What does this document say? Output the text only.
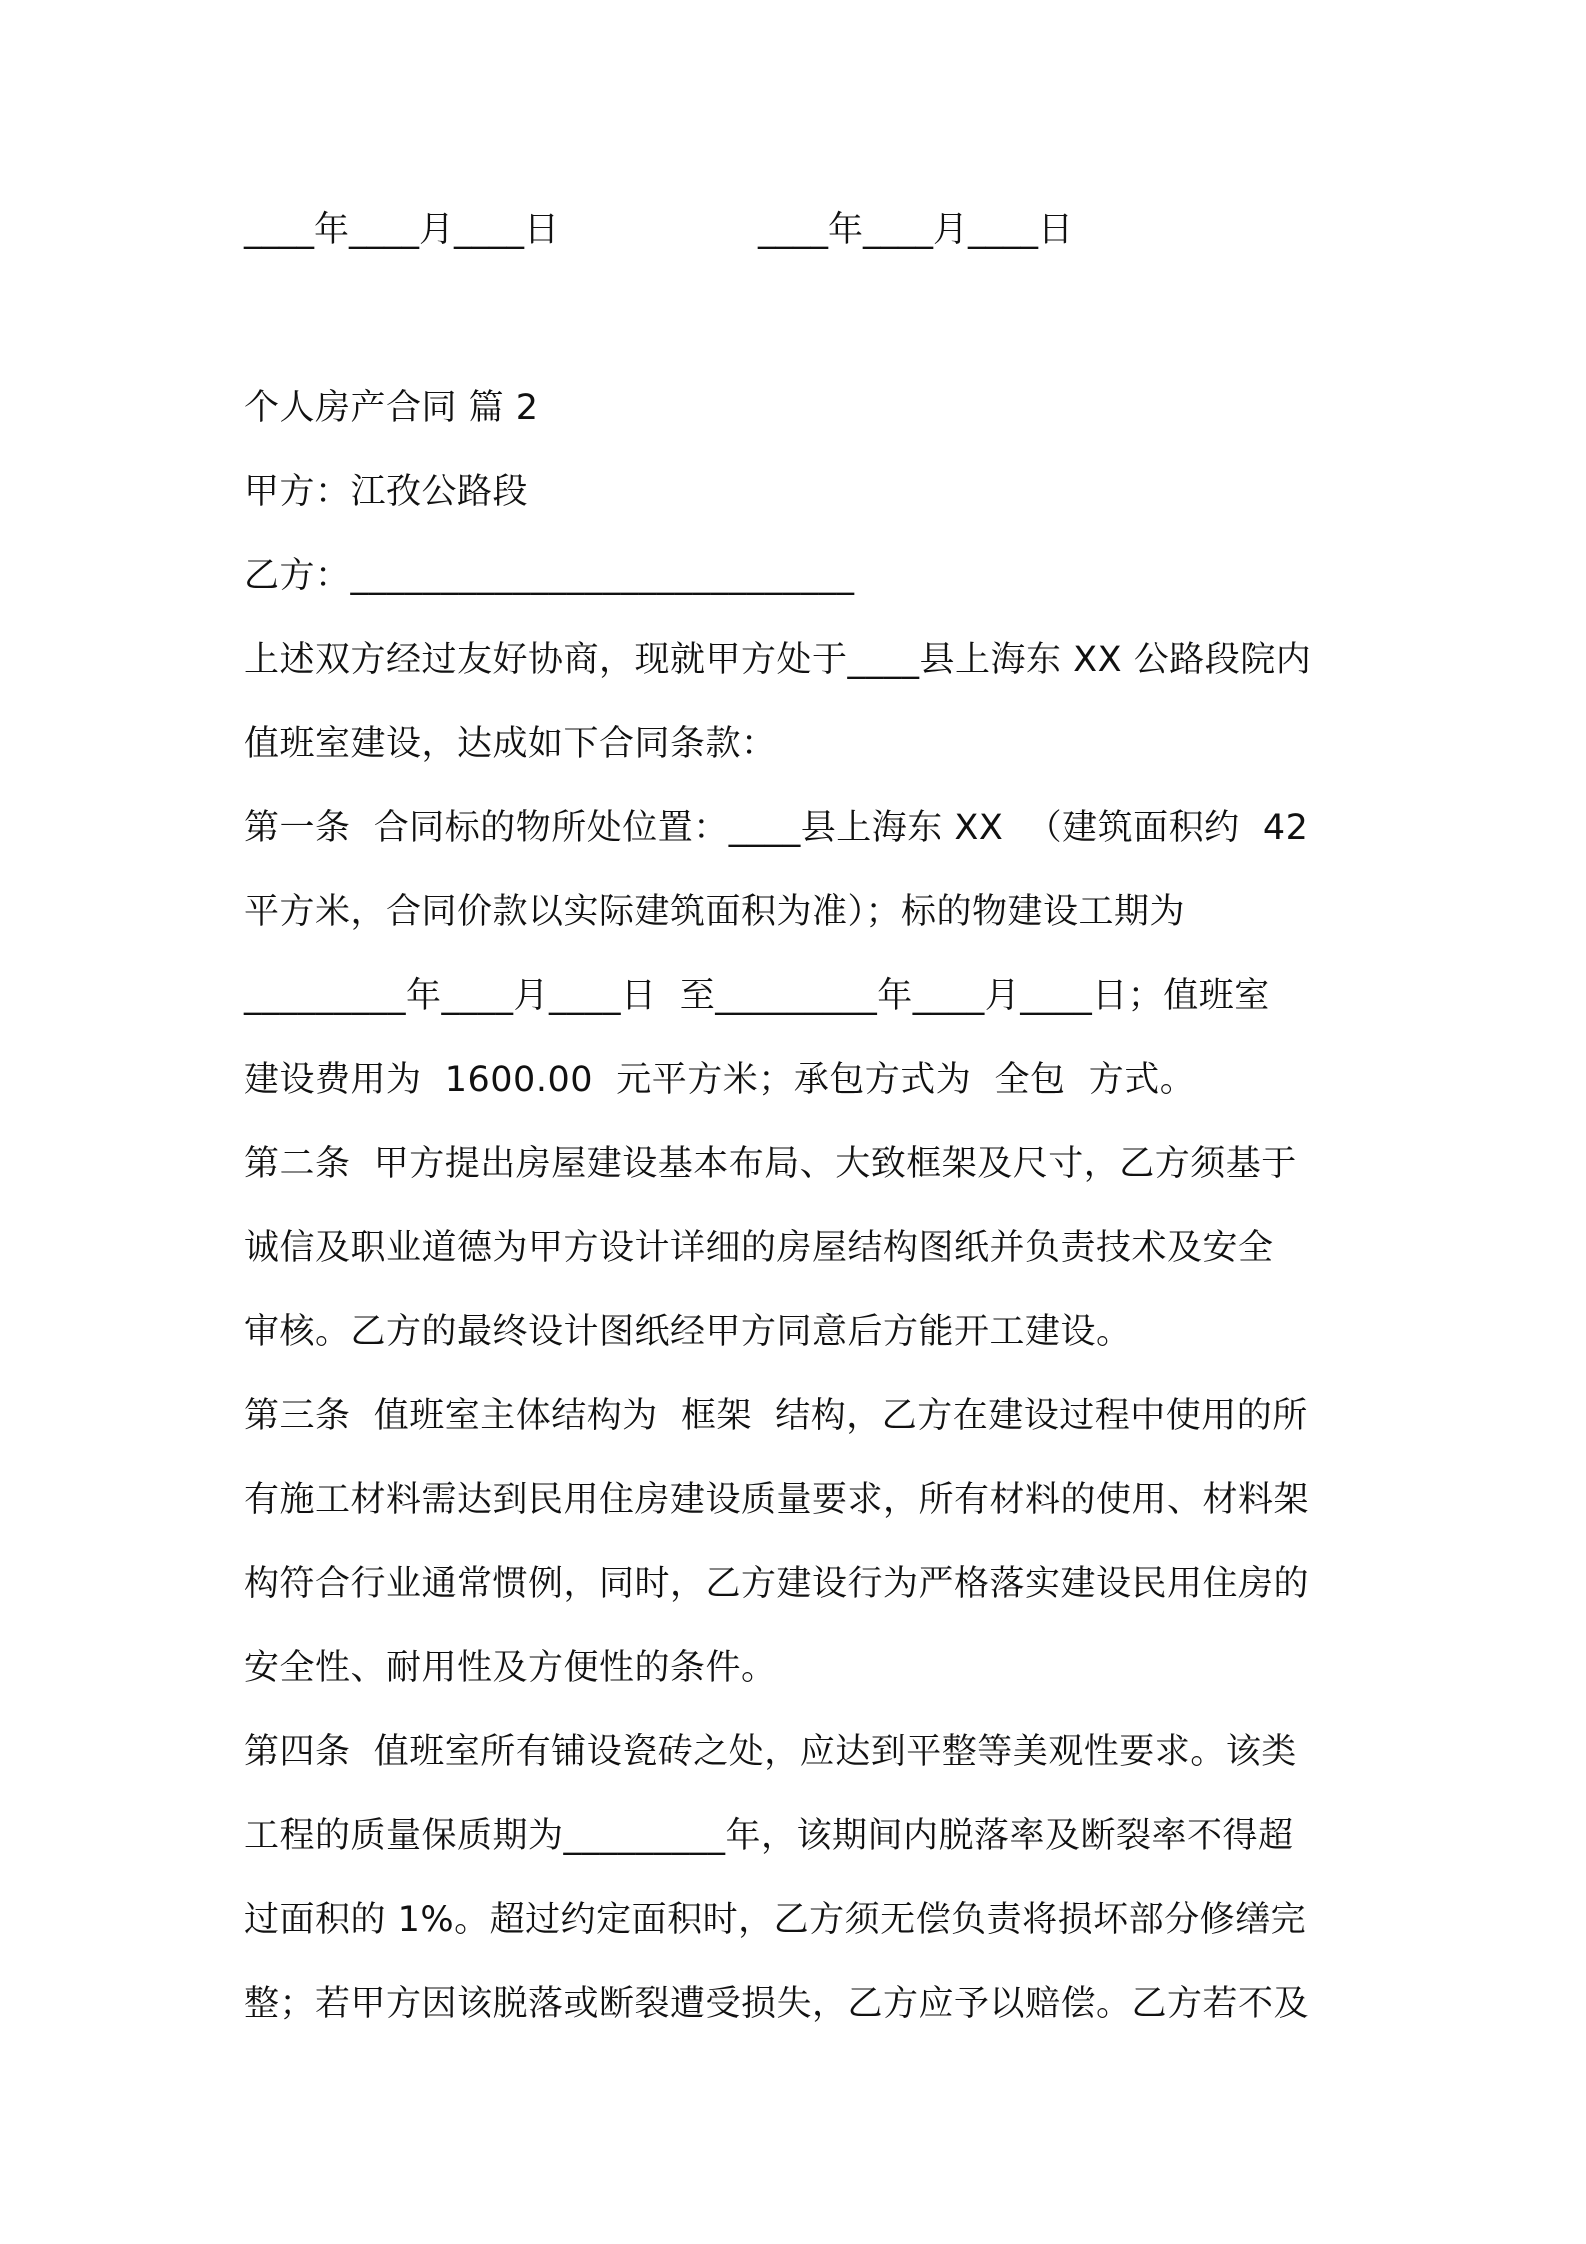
____年____月____日

	____年____月____日

个人房产合同 篇 2
甲方：江孜公路段
乙方：____________________________
上述双方经过友好协商，现就甲方处于____县上海东 XX 公路段院内
值班室建设，达成如下合同条款：
第一条  合同标的物所处位置：____县上海东 XX  （建筑面积约  42
平方米，合同价款以实际建筑面积为准）；标的物建设工期为
_________年____月____日  至_________年____月____日；值班室
建设费用为  1600.00  元平方米；承包方式为  全包  方式。
第二条  甲方提出房屋建设基本布局、大致框架及尺寸，乙方须基于
诚信及职业道德为甲方设计详细的房屋结构图纸并负责技术及安全
审核。乙方的最终设计图纸经甲方同意后方能开工建设。
第三条  值班室主体结构为  框架  结构，乙方在建设过程中使用的所
有施工材料需达到民用住房建设质量要求，所有材料的使用、材料架
构符合行业通常惯例，同时，乙方建设行为严格落实建设民用住房的
安全性、耐用性及方便性的条件。
第四条  值班室所有铺设瓷砖之处，应达到平整等美观性要求。该类
工程的质量保质期为_________年，该期间内脱落率及断裂率不得超
过面积的 1%。超过约定面积时，乙方须无偿负责将损坏部分修缮完
整；若甲方因该脱落或断裂遭受损失，乙方应予以赔偿。乙方若不及
